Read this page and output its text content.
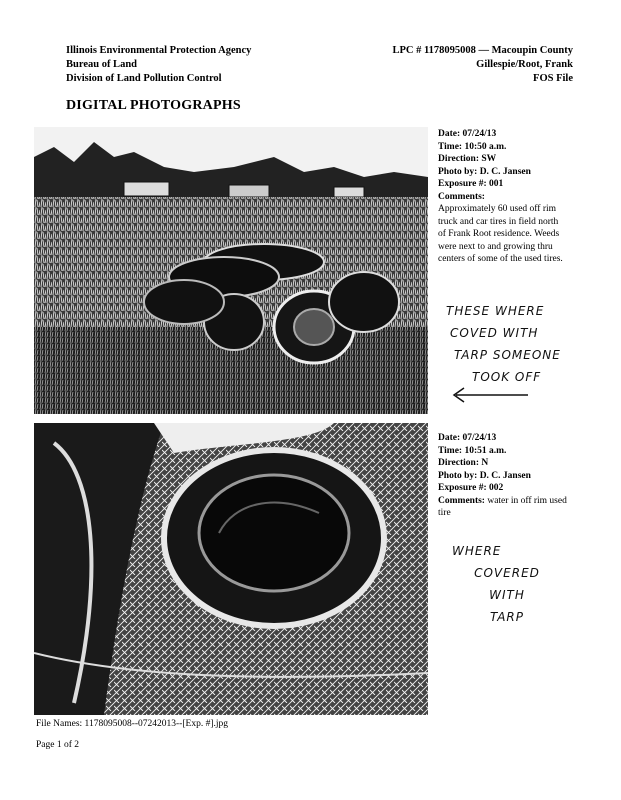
Illinois Environmental Protection Agency
Bureau of Land
Division of Land Pollution Control
LPC # 1178095008 — Macoupin County
Gillespie/Root, Frank
FOS File
DIGITAL PHOTOGRAPHS
Date: 07/24/13
Time: 10:50 a.m.
Direction: SW
Photo by: D. C. Jansen
Exposure #: 001
Comments:
Approximately 60 used off rim truck and car tires in field north of Frank Root residence. Weeds were next to and growing thru centers of some of the used tires.
THESE WHERE
COVED WITH
TARP SOMEONE
TOOK OFF
Date: 07/24/13
Time: 10:51 a.m.
Direction: N
Photo by: D. C. Jansen
Exposure #: 002
Comments: water in off rim used tire
WHERE
COVERED
WITH
TARP
File Names: 1178095008--07242013--[Exp. #].jpg
Page 1 of 2
